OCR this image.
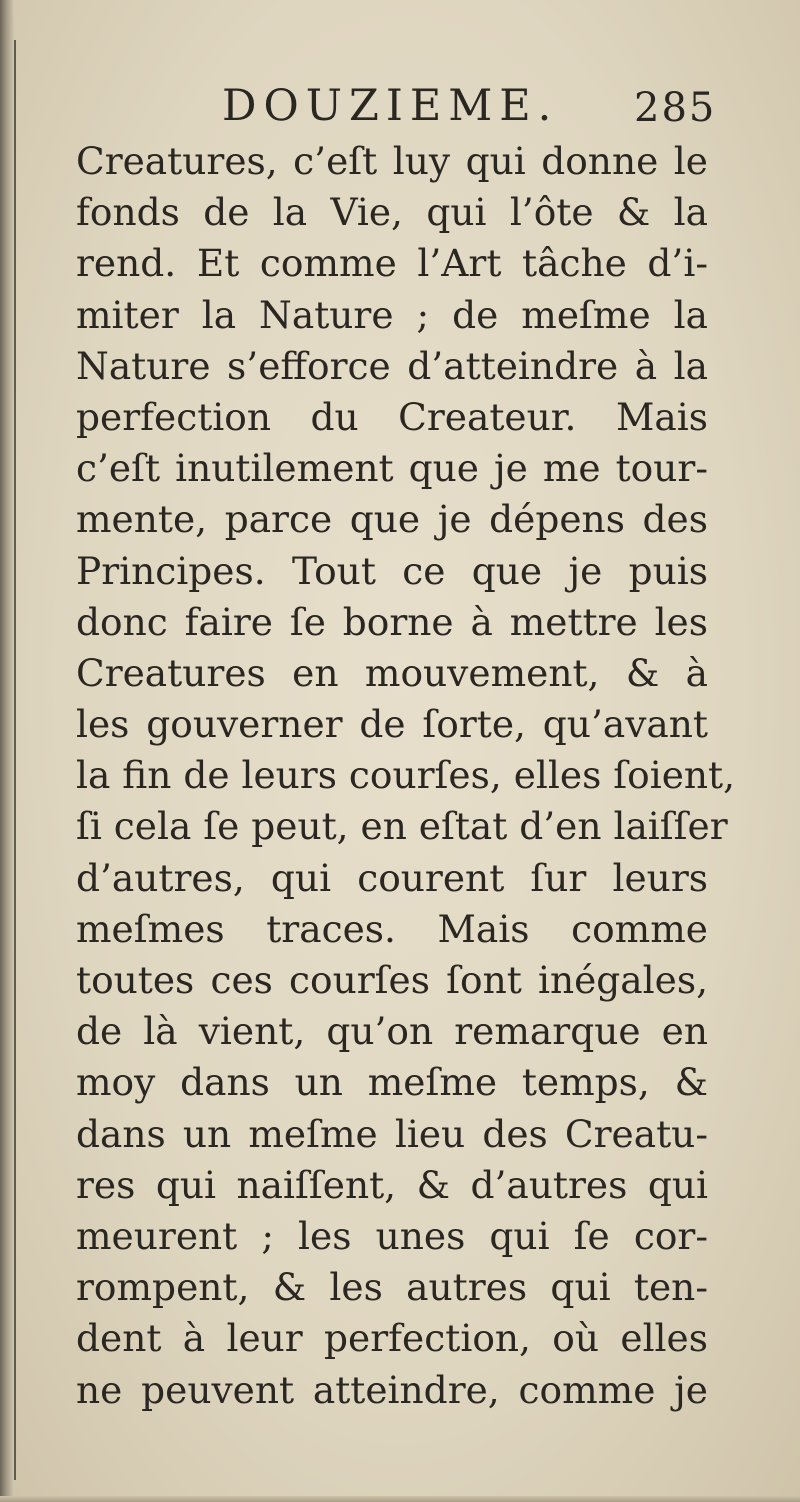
DOUZIEME. 285
Creatures, c’eſt luy qui donne le
fonds de la Vie, qui l’ôte & la
rend. Et comme l’Art tâche d’i-
miter la Nature ; de meſme la
Nature s’efforce d’atteindre à la
perfection du Createur. Mais
c’eſt inutilement que je me tour-
mente, parce que je dépens des
Principes. Tout ce que je puis
donc faire ſe borne à mettre les
Creatures en mouvement, & à
les gouverner de ſorte, qu’avant
la fin de leurs courſes, elles ſoient,
ſi cela ſe peut, en eſtat d’en laiſſer
d’autres, qui courent ſur leurs
meſmes traces. Mais comme
toutes ces courſes ſont inégales,
de là vient, qu’on remarque en
moy dans un meſme temps, &
dans un meſme lieu des Creatu-
res qui naiſſent, & d’autres qui
meurent ; les unes qui ſe cor-
rompent, & les autres qui ten-
dent à leur perfection, où elles
ne peuvent atteindre, comme je
